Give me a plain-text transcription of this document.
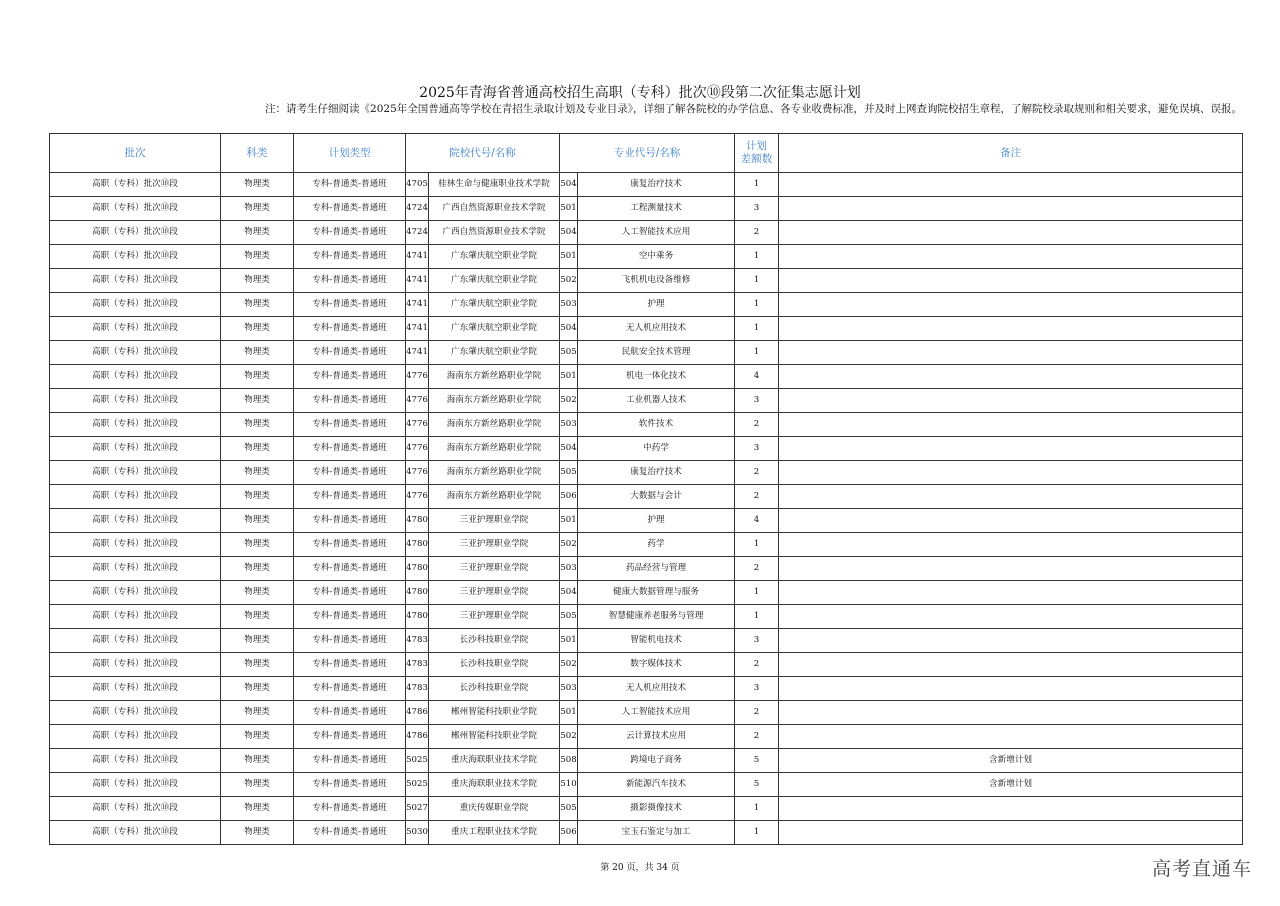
2025年青海省普通高校招生高职（专科）批次⑩段第二次征集志愿计划
注：请考生仔细阅读《2025年全国普通高等学校在青招生录取计划及专业目录》，详细了解各院校的办学信息、各专业收费标准，并及时上网查询院校招生章程，了解院校录取规则和相关要求，避免误填、误报。
批次	科类	计划类型	院校代号/名称		专业代号/名称		计划
差额数	备注
高职（专科）批次⑩段	物理类	专科-普通类-普通班	4705	桂林生命与健康职业技术学院	504	康复治疗技术	1	
高职（专科）批次⑩段	物理类	专科-普通类-普通班	4724	广西自然资源职业技术学院	501	工程测量技术	3	
高职（专科）批次⑩段	物理类	专科-普通类-普通班	4724	广西自然资源职业技术学院	504	人工智能技术应用	2	
高职（专科）批次⑩段	物理类	专科-普通类-普通班	4741	广东肇庆航空职业学院	501	空中乘务	1	
高职（专科）批次⑩段	物理类	专科-普通类-普通班	4741	广东肇庆航空职业学院	502	飞机机电设备维修	1	
高职（专科）批次⑩段	物理类	专科-普通类-普通班	4741	广东肇庆航空职业学院	503	护理	1	
高职（专科）批次⑩段	物理类	专科-普通类-普通班	4741	广东肇庆航空职业学院	504	无人机应用技术	1	
高职（专科）批次⑩段	物理类	专科-普通类-普通班	4741	广东肇庆航空职业学院	505	民航安全技术管理	1	
高职（专科）批次⑩段	物理类	专科-普通类-普通班	4776	海南东方新丝路职业学院	501	机电一体化技术	4	
高职（专科）批次⑩段	物理类	专科-普通类-普通班	4776	海南东方新丝路职业学院	502	工业机器人技术	3	
高职（专科）批次⑩段	物理类	专科-普通类-普通班	4776	海南东方新丝路职业学院	503	软件技术	2	
高职（专科）批次⑩段	物理类	专科-普通类-普通班	4776	海南东方新丝路职业学院	504	中药学	3	
高职（专科）批次⑩段	物理类	专科-普通类-普通班	4776	海南东方新丝路职业学院	505	康复治疗技术	2	
高职（专科）批次⑩段	物理类	专科-普通类-普通班	4776	海南东方新丝路职业学院	506	大数据与会计	2	
高职（专科）批次⑩段	物理类	专科-普通类-普通班	4780	三亚护理职业学院	501	护理	4	
高职（专科）批次⑩段	物理类	专科-普通类-普通班	4780	三亚护理职业学院	502	药学	1	
高职（专科）批次⑩段	物理类	专科-普通类-普通班	4780	三亚护理职业学院	503	药品经营与管理	2	
高职（专科）批次⑩段	物理类	专科-普通类-普通班	4780	三亚护理职业学院	504	健康大数据管理与服务	1	
高职（专科）批次⑩段	物理类	专科-普通类-普通班	4780	三亚护理职业学院	505	智慧健康养老服务与管理	1	
高职（专科）批次⑩段	物理类	专科-普通类-普通班	4783	长沙科技职业学院	501	智能机电技术	3	
高职（专科）批次⑩段	物理类	专科-普通类-普通班	4783	长沙科技职业学院	502	数字媒体技术	2	
高职（专科）批次⑩段	物理类	专科-普通类-普通班	4783	长沙科技职业学院	503	无人机应用技术	3	
高职（专科）批次⑩段	物理类	专科-普通类-普通班	4786	郴州智能科技职业学院	501	人工智能技术应用	2	
高职（专科）批次⑩段	物理类	专科-普通类-普通班	4786	郴州智能科技职业学院	502	云计算技术应用	2	
高职（专科）批次⑩段	物理类	专科-普通类-普通班	5025	重庆海联职业技术学院	508	跨境电子商务	5	含新增计划
高职（专科）批次⑩段	物理类	专科-普通类-普通班	5025	重庆海联职业技术学院	510	新能源汽车技术	5	含新增计划
高职（专科）批次⑩段	物理类	专科-普通类-普通班	5027	重庆传媒职业学院	505	摄影摄像技术	1	
高职（专科）批次⑩段	物理类	专科-普通类-普通班	5030	重庆工程职业技术学院	506	宝玉石鉴定与加工	1	
第 20 页，共 34 页	高考直通车
